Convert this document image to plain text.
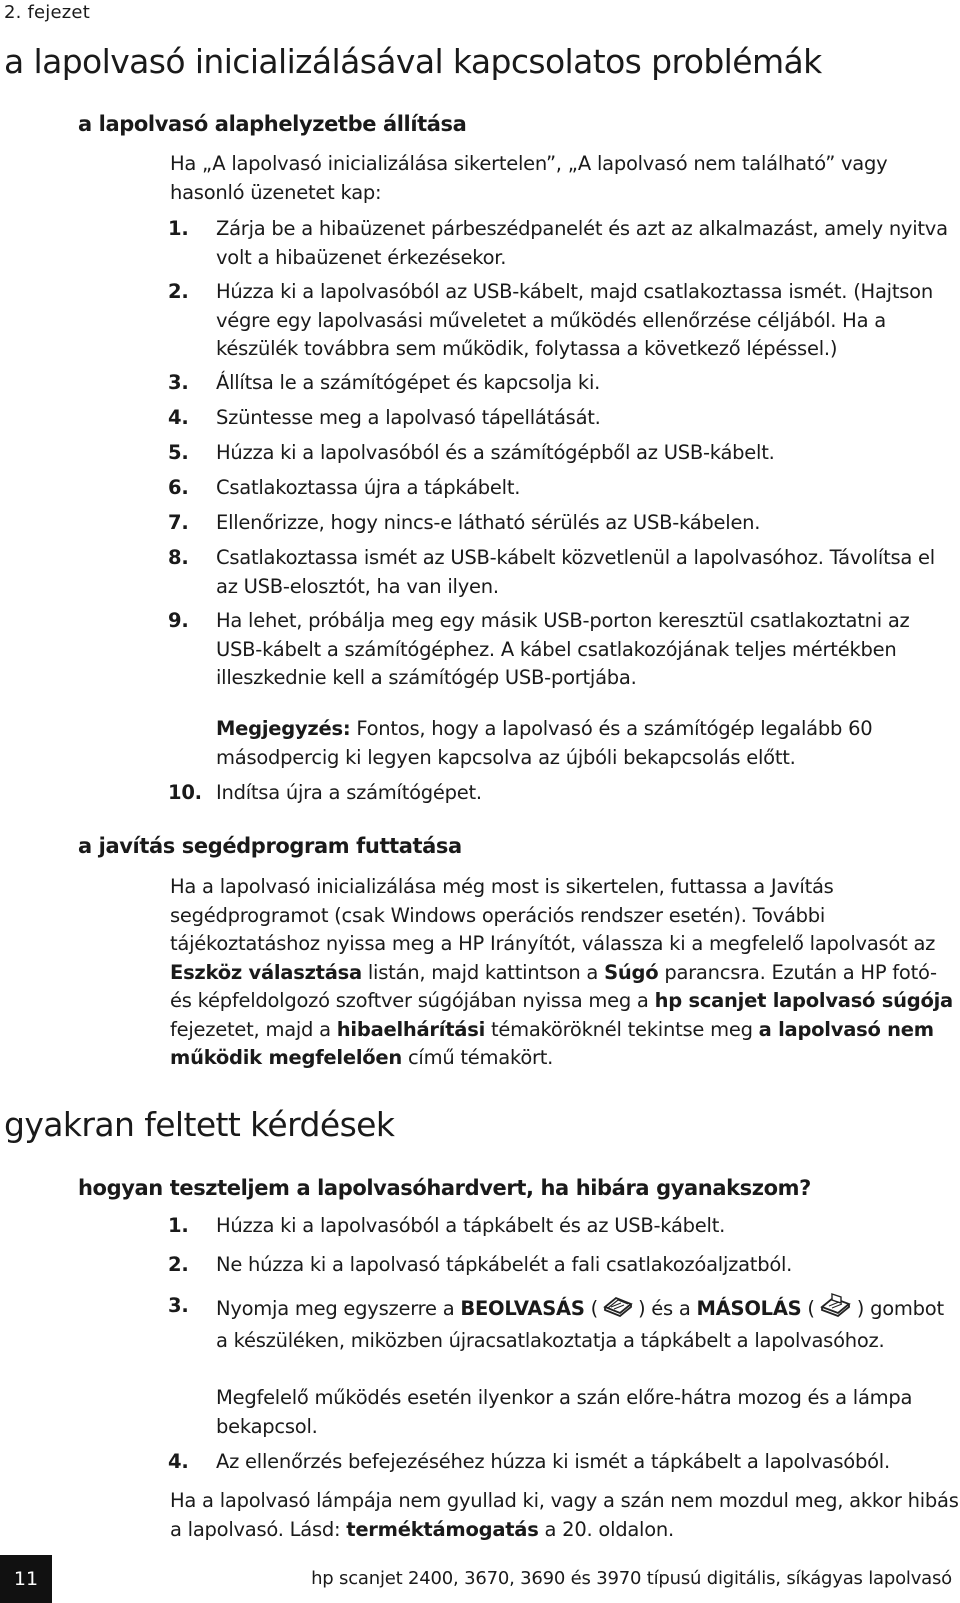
2. fejezet
a lapolvasó inicializálásával kapcsolatos problémák
a lapolvasó alaphelyzetbe állítása

Ha „A lapolvasó inicializálása sikertelen”, „A lapolvasó nem található” vagy hasonló üzenetet kap:

1.	Zárja be a hibaüzenet párbeszédpanelét és azt az alkalmazást, amely nyitva volt a hibaüzenet érkezésekor.
2.	Húzza ki a lapolvasóból az USB-kábelt, majd csatlakoztassa ismét. (Hajtson végre egy lapolvasási műveletet a működés ellenőrzése céljából. Ha a készülék továbbra sem működik, folytassa a következő lépéssel.)
3.	Állítsa le a számítógépet és kapcsolja ki.
4.	Szüntesse meg a lapolvasó tápellátását.
5.	Húzza ki a lapolvasóból és a számítógépből az USB-kábelt.
6.	Csatlakoztassa újra a tápkábelt.
7.	Ellenőrizze, hogy nincs-e látható sérülés az USB-kábelen.
8.	Csatlakoztassa ismét az USB-kábelt közvetlenül a lapolvasóhoz. Távolítsa el az USB-elosztót, ha van ilyen.
9.	Ha lehet, próbálja meg egy másik USB-porton keresztül csatlakoztatni az USB-kábelt a számítógéphez. A kábel csatlakozójának teljes mértékben illeszkednie kell a számítógép USB-portjába.

Megjegyzés: Fontos, hogy a lapolvasó és a számítógép legalább 60 másodpercig ki legyen kapcsolva az újbóli bekapcsolás előtt.

10. Indítsa újra a számítógépet.
a javítás segédprogram futtatása

Ha a lapolvasó inicializálása még most is sikertelen, futtassa a Javítás segédprogramot (csak Windows operációs rendszer esetén). További tájékoztatáshoz nyissa meg a HP Irányítót, válassza ki a megfelelő lapolvasót az Eszköz választása listán, majd kattintson a Súgó parancsra. Ezután a HP fotó- és képfeldolgozó szoftver súgójában nyissa meg a hp scanjet lapolvasó súgója fejezetet, majd a hibaelhárítási témaköröknél tekintse meg a lapolvasó nem működik megfelelően című témakört.

gyakran feltett kérdések
hogyan teszteljem a lapolvasóhardvert, ha hibára gyanakszom?
1.	Húzza ki a lapolvasóból a tápkábelt és az USB-kábelt.
2.	Ne húzza ki a lapolvasó tápkábelét a fali csatlakozóaljzatból.
3.	Nyomja meg egyszerre a BEOLVASÁS ( ) és a MÁSOLÁS ( ) gombot a készüléken, miközben újracsatlakoztatja a tápkábelt a lapolvasóhoz.

Megfelelő működés esetén ilyenkor a szán előre-hátra mozog és a lámpa bekapcsol.

4.	Az ellenőrzés befejezéséhez húzza ki ismét a tápkábelt a lapolvasóból.

Ha a lapolvasó lámpája nem gyullad ki, vagy a szán nem mozdul meg, akkor hibás a lapolvasó. Lásd: terméktámogatás a 20. oldalon.

11	hp scanjet 2400, 3670, 3690 és 3970 típusú digitális, síkágyas lapolvasó
